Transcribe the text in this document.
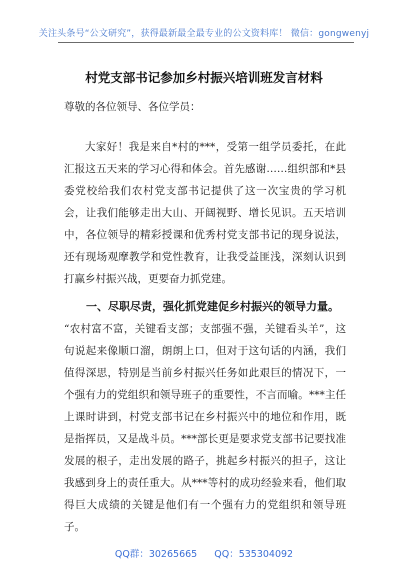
关注头条号“公文研究”，获得最新最全最专业的公文资料库！ 微信：gongwenyj
村党支部书记参加乡村振兴培训班发言材料

尊敬的各位领导、各位学员：

大家好！我是来自*村的***，受第一组学员委托，在此汇报这五天来的学习心得和体会。首先感谢……组织部和*县委党校给我们农村党支部书记提供了这一次宝贵的学习机会，让我们能够走出大山、开阔视野、增长见识。五天培训中，各位领导的精彩授课和优秀村党支部书记的现身说法，还有现场观摩教学和党性教育，让我受益匪浅，深刻认识到打赢乡村振兴战，更要奋力抓党建。

一、尽职尽责，强化抓党建促乡村振兴的领导力量。

“农村富不富，关键看支部；支部强不强，关键看头羊”，这句说起来像顺口溜，朗朗上口，但对于这句话的内涵，我们值得深思，特别是当前乡村振兴任务如此艰巨的情况下，一个强有力的党组织和领导班子的重要性，不言而喻。***主任上课时讲到，村党支部书记在乡村振兴中的地位和作用，既是指挥员，又是战斗员。***部长更是要求党支部书记要找准发展的根子，走出发展的路子，挑起乡村振兴的担子，这让我感到身上的责任重大。从***等村的成功经验来看，他们取得巨大成绩的关键是他们有一个强有力的党组织和领导班子。

QQ群：30265665 QQ：535304092
